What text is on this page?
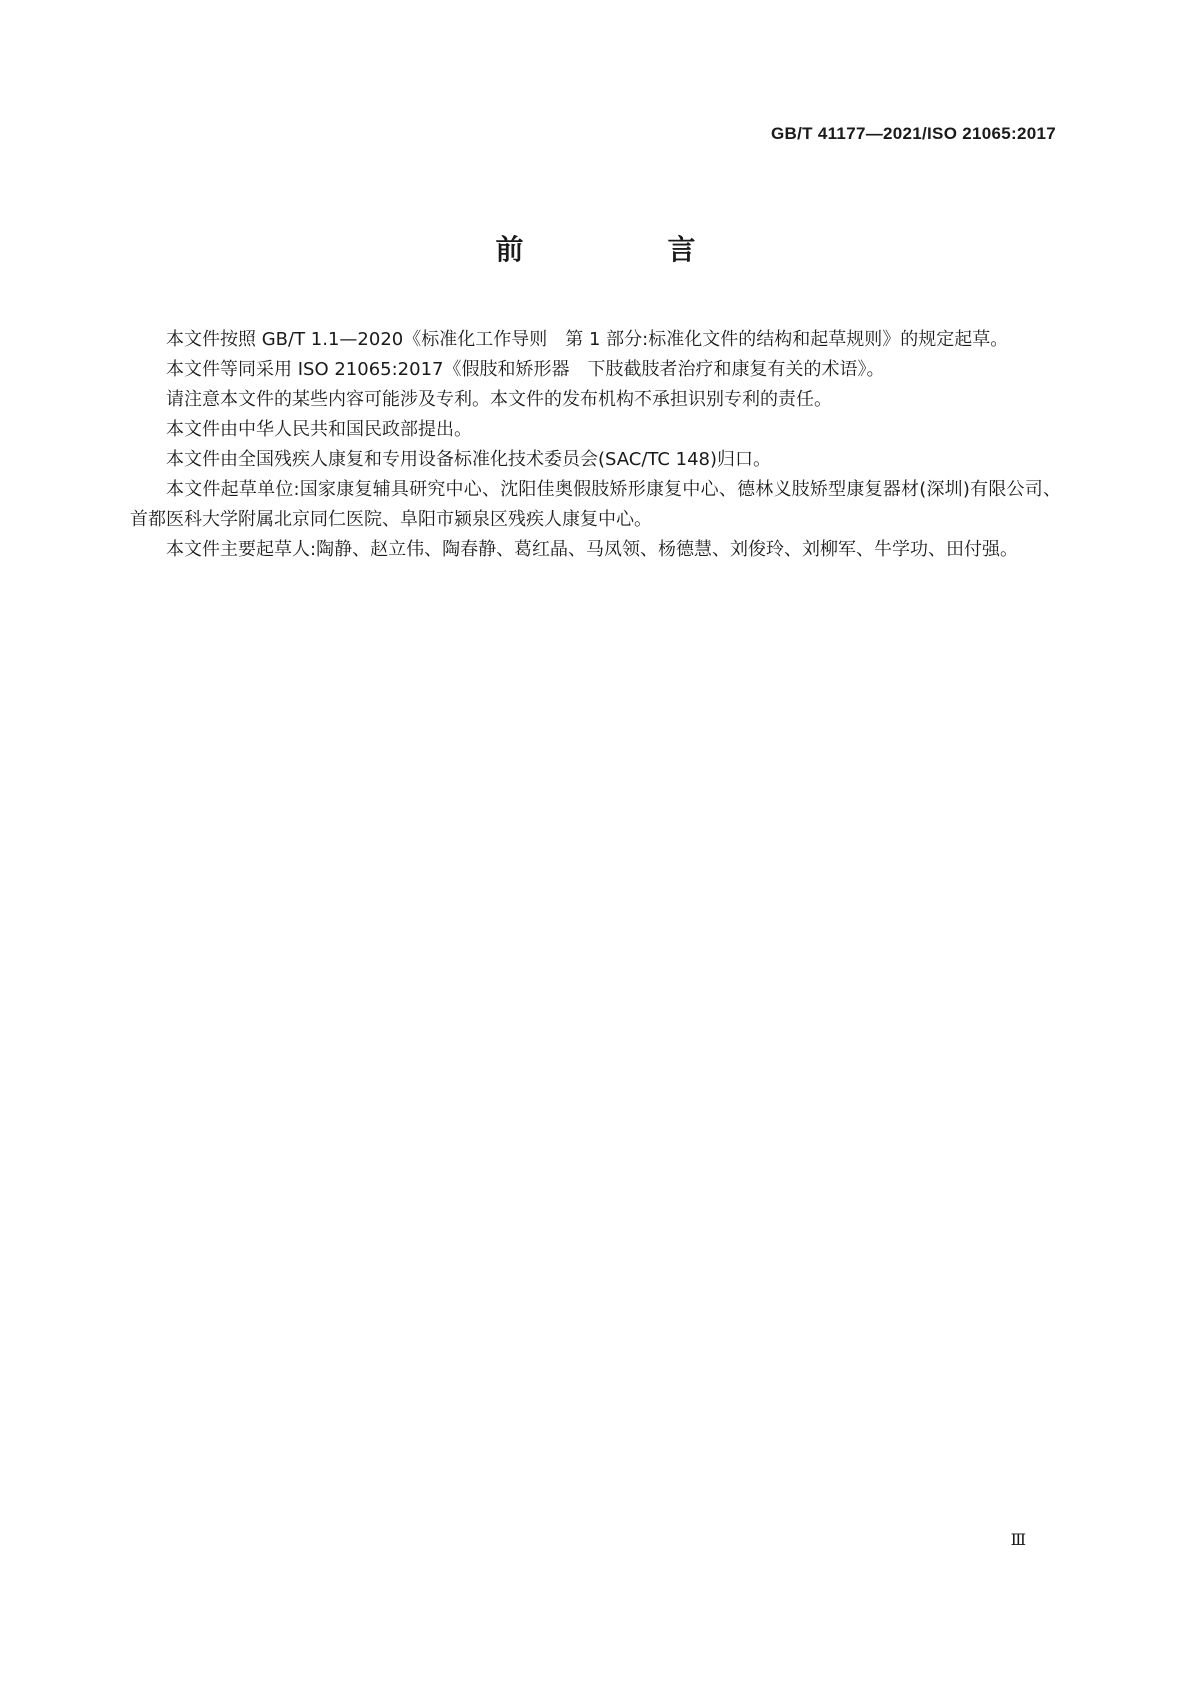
GB/T 41177—2021/ISO 21065:2017
前　言

本文件按照 GB/T 1.1—2020《标准化工作导则　第 1 部分:标准化文件的结构和起草规则》的规定起草。

本文件等同采用 ISO 21065:2017《假肢和矫形器　下肢截肢者治疗和康复有关的术语》。

请注意本文件的某些内容可能涉及专利。本文件的发布机构不承担识别专利的责任。

本文件由中华人民共和国民政部提出。

本文件由全国残疾人康复和专用设备标准化技术委员会(SAC/TC 148)归口。

本文件起草单位:国家康复辅具研究中心、沈阳佳奥假肢矫形康复中心、德林义肢矫型康复器材(深圳)有限公司、首都医科大学附属北京同仁医院、阜阳市颍泉区残疾人康复中心。

本文件主要起草人:陶静、赵立伟、陶春静、葛红晶、马凤领、杨德慧、刘俊玲、刘柳军、牛学功、田付强。

Ⅲ
